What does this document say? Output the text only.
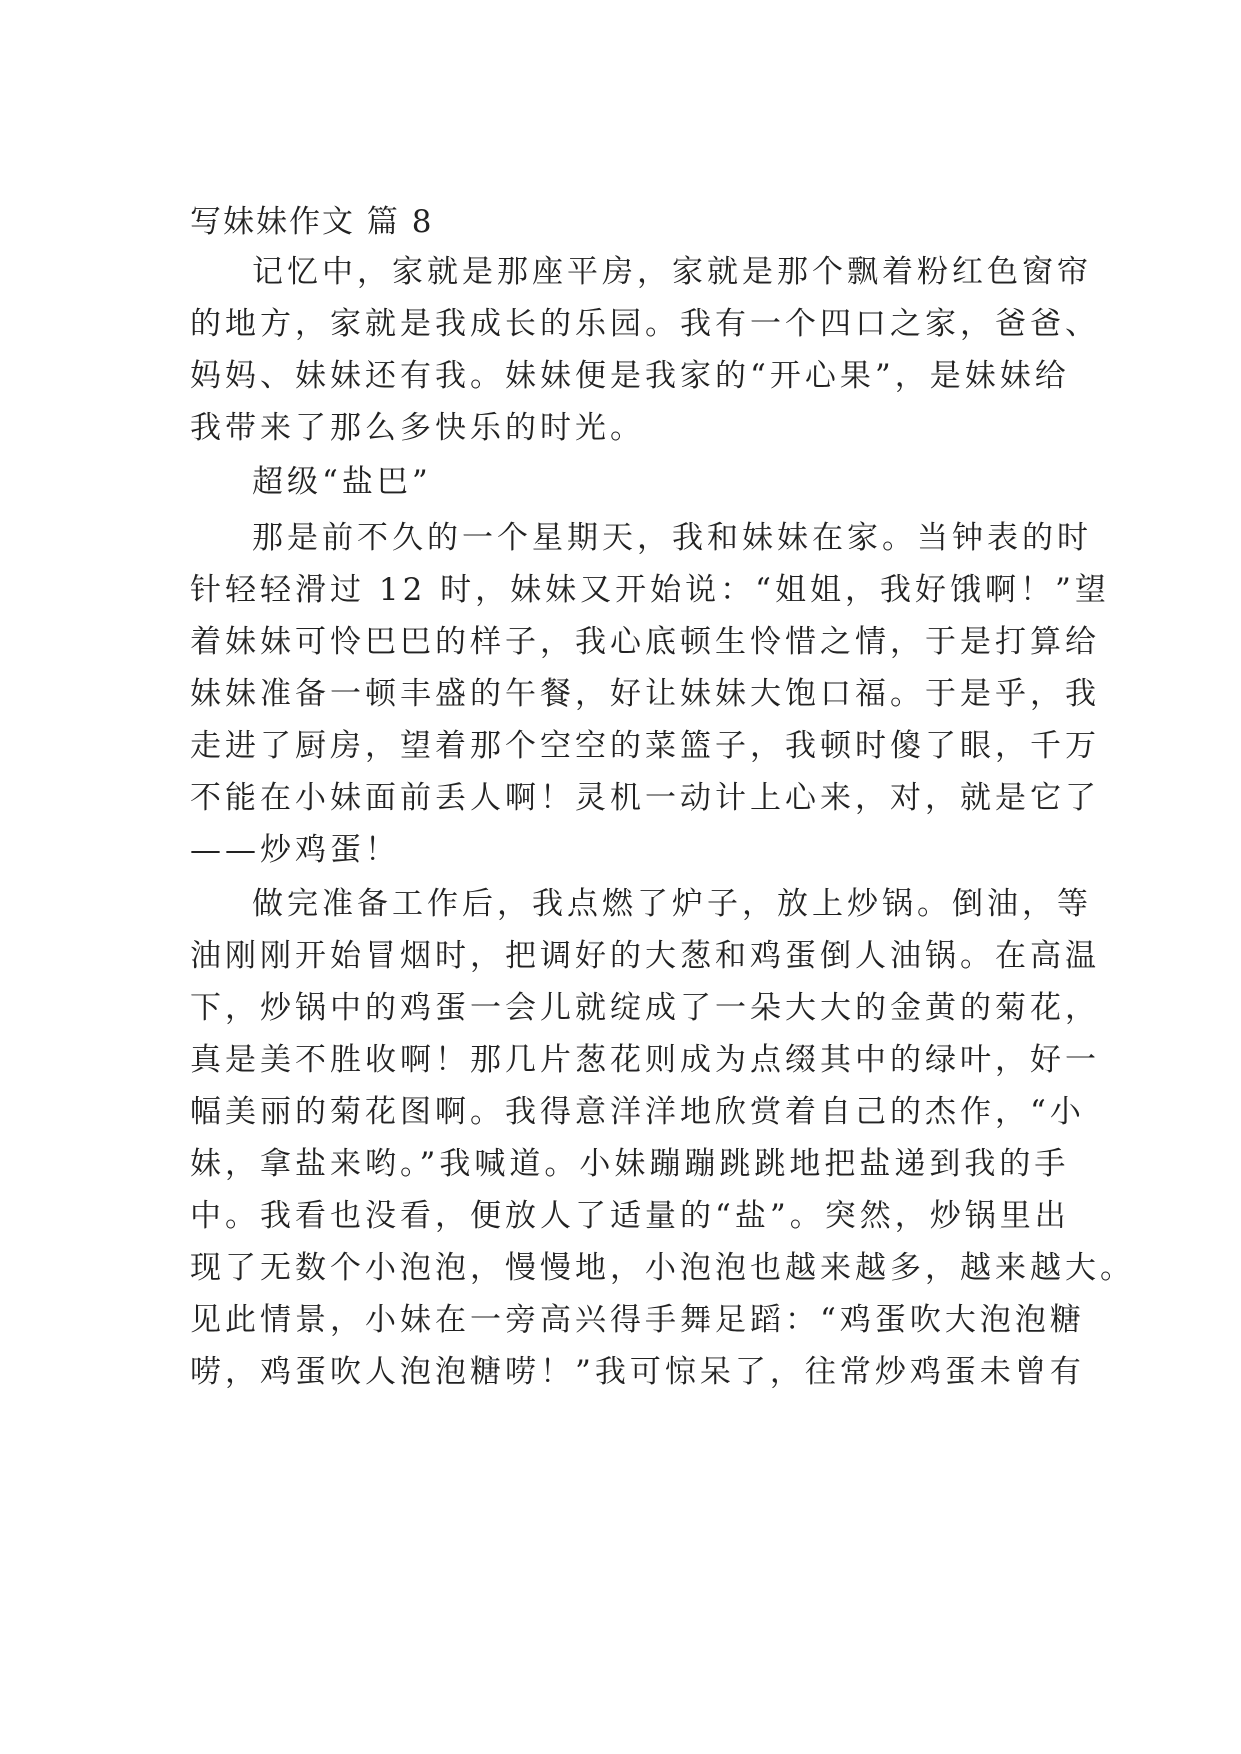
写妹妹作文 篇 8
记忆中，家就是那座平房，家就是那个飘着粉红色窗帘
的地方，家就是我成长的乐园。我有一个四口之家，爸爸、
妈妈、妹妹还有我。妹妹便是我家的“开心果”，是妹妹给
我带来了那么多快乐的时光。
超级“盐巴”
那是前不久的一个星期天，我和妹妹在家。当钟表的时
针轻轻滑过 12 时，妹妹又开始说：“姐姐，我好饿啊！”望
着妹妹可怜巴巴的样子，我心底顿生怜惜之情，于是打算给
妹妹准备一顿丰盛的午餐，好让妹妹大饱口福。于是乎，我
走进了厨房，望着那个空空的菜篮子，我顿时傻了眼，千万
不能在小妹面前丢人啊！灵机一动计上心来，对，就是它了
——炒鸡蛋！
做完准备工作后，我点燃了炉子，放上炒锅。倒油，等
油刚刚开始冒烟时，把调好的大葱和鸡蛋倒人油锅。在高温
下，炒锅中的鸡蛋一会儿就绽成了一朵大大的金黄的菊花，
真是美不胜收啊！那几片葱花则成为点缀其中的绿叶，好一
幅美丽的菊花图啊。我得意洋洋地欣赏着自己的杰作，“小
妹，拿盐来哟。”我喊道。小妹蹦蹦跳跳地把盐递到我的手
中。我看也没看，便放人了适量的“盐”。突然，炒锅里出
现了无数个小泡泡，慢慢地，小泡泡也越来越多，越来越大。
见此情景，小妹在一旁高兴得手舞足蹈：“鸡蛋吹大泡泡糖
唠，鸡蛋吹人泡泡糖唠！”我可惊呆了，往常炒鸡蛋未曾有
